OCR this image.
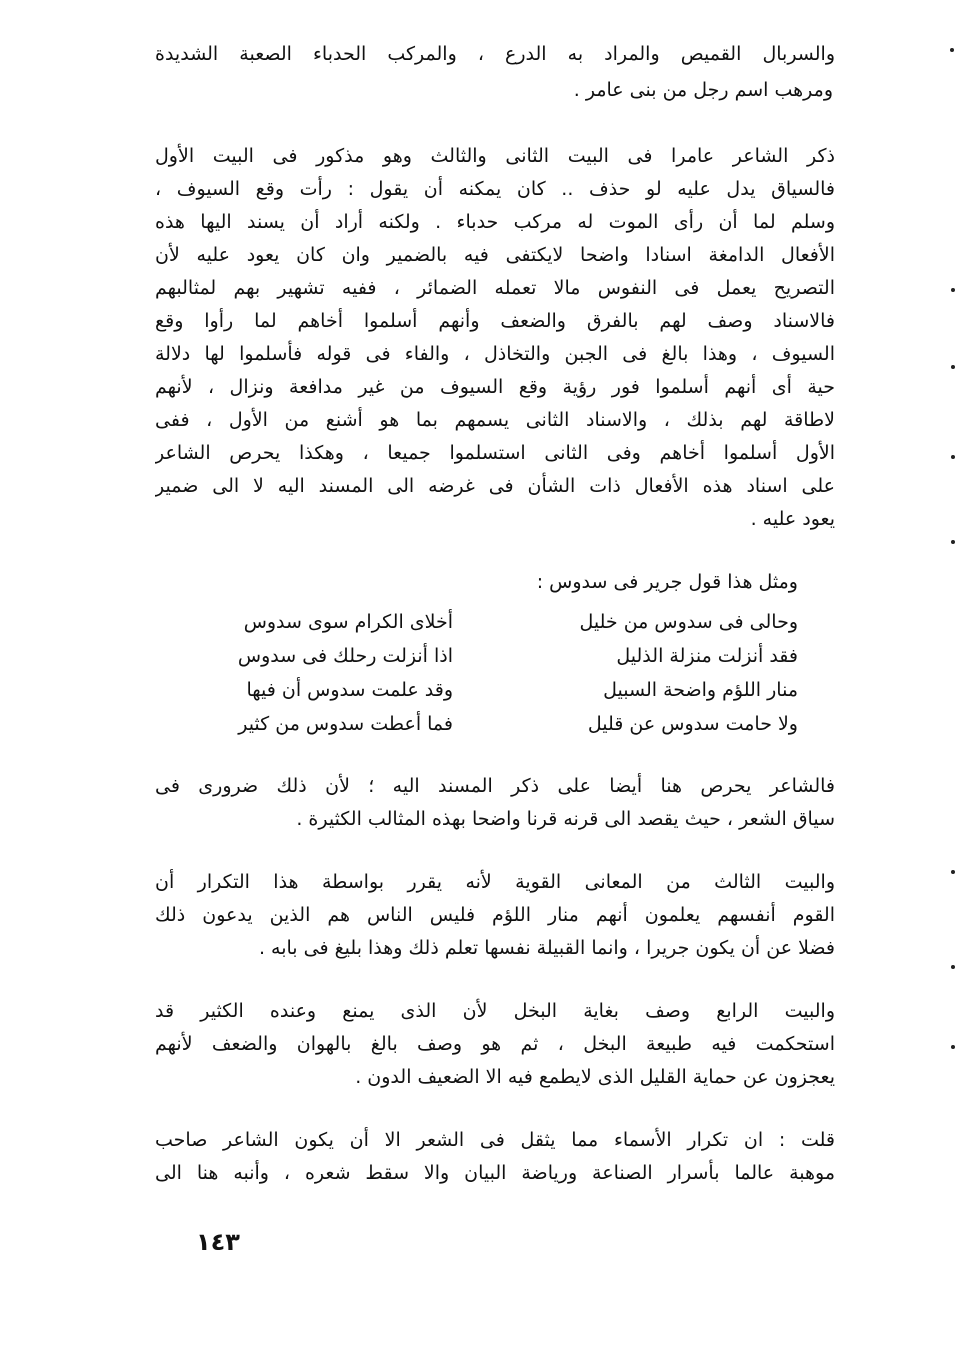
والسربال القميص والمراد به الدرع ، والمركب الحدباء الصعبة الشديدة
ومرهب اسم رجل من بنى عامر .
ذكر الشاعر عامرا فى البيت الثانى والثالث وهو مذكور فى البيت الأول
فالسياق يدل عليه لو حذف .. كان يمكنه أن يقول : رأت وقع السيوف ،
وسلم لما أن رأى الموت له مركب حدباء . ولكنه أراد أن يسند اليها هذه
الأفعال الدامغة اسنادا واضحا لايكتفى فيه بالضمير وان كان يعود عليه لأن
التصريح يعمل فى النفوس مالا تعمله الضمائر ، ففيه تشهير بهم لمثالبهم
فالاسناد وصف لهم بالفرق والضعف وأنهم أسلموا أخاهم لما رأوا وقع
السيوف ، وهذا بالغ فى الجبن والتخاذل ، والفاء فى قوله فأسلموا لها دلالة
حية أى أنهم أسلموا فور رؤية وقع السيوف من غير مدافعة ونزال ، لأنهم
لاطاقة لهم بذلك ، والاسناد الثانى يسمهم بما هو أشنع من الأول ، ففى
الأول أسلموا أخاهم وفى الثانى استسلموا جميعا ، وهكذا يحرص الشاعر
على اسناد هذه الأفعال ذات الشأن فى غرضه الى المسند اليه لا الى ضمير
يعود عليه .
ومثل هذا قول جرير فى سدوس :
أخلاى الكرام سوى سدوس	وحالى فى سدوس من خليل
اذا أنزلت رحلك فى سدوس	فقد أنزلت منزلة الذليل
وقد علمت سدوس أن فيها	منار اللؤم واضحة السبيل
فما أعطت سدوس من كثير	ولا حامت سدوس عن قليل
فالشاعر يحرص هنا أيضا على ذكر المسند اليه ؛ لأن ذلك ضرورى فى
سياق الشعر ، حيث يقصد الى قرنه قرنا واضحا بهذه المثالب الكثيرة .
والبيت الثالث من المعانى القوية لأنه يقرر بواسطة هذا التكرار أن
القوم أنفسهم يعلمون أنهم منار اللؤم فليس الناس هم الذين يدعون ذلك
فضلا عن أن يكون جريرا ، وانما القبيلة نفسها تعلم ذلك وهذا بليغ فى بابه .
والبيت الرابع وصف بغاية البخل لأن الذى يمنع وعنده الكثير قد
استحكمت فيه طبيعة البخل ، ثم هو وصف بالغ بالهوان والضعف لأنهم
يعجزون عن حماية القليل الذى لايطمع فيه الا الضعيف الدون .
قلت : ان تكرار الأسماء مما يثقل فى الشعر الا أن يكون الشاعر صاحب
موهبة عالما بأسرار الصناعة ورياضة البيان والا سقط شعره ، وأنبه هنا الى
١٤٣
